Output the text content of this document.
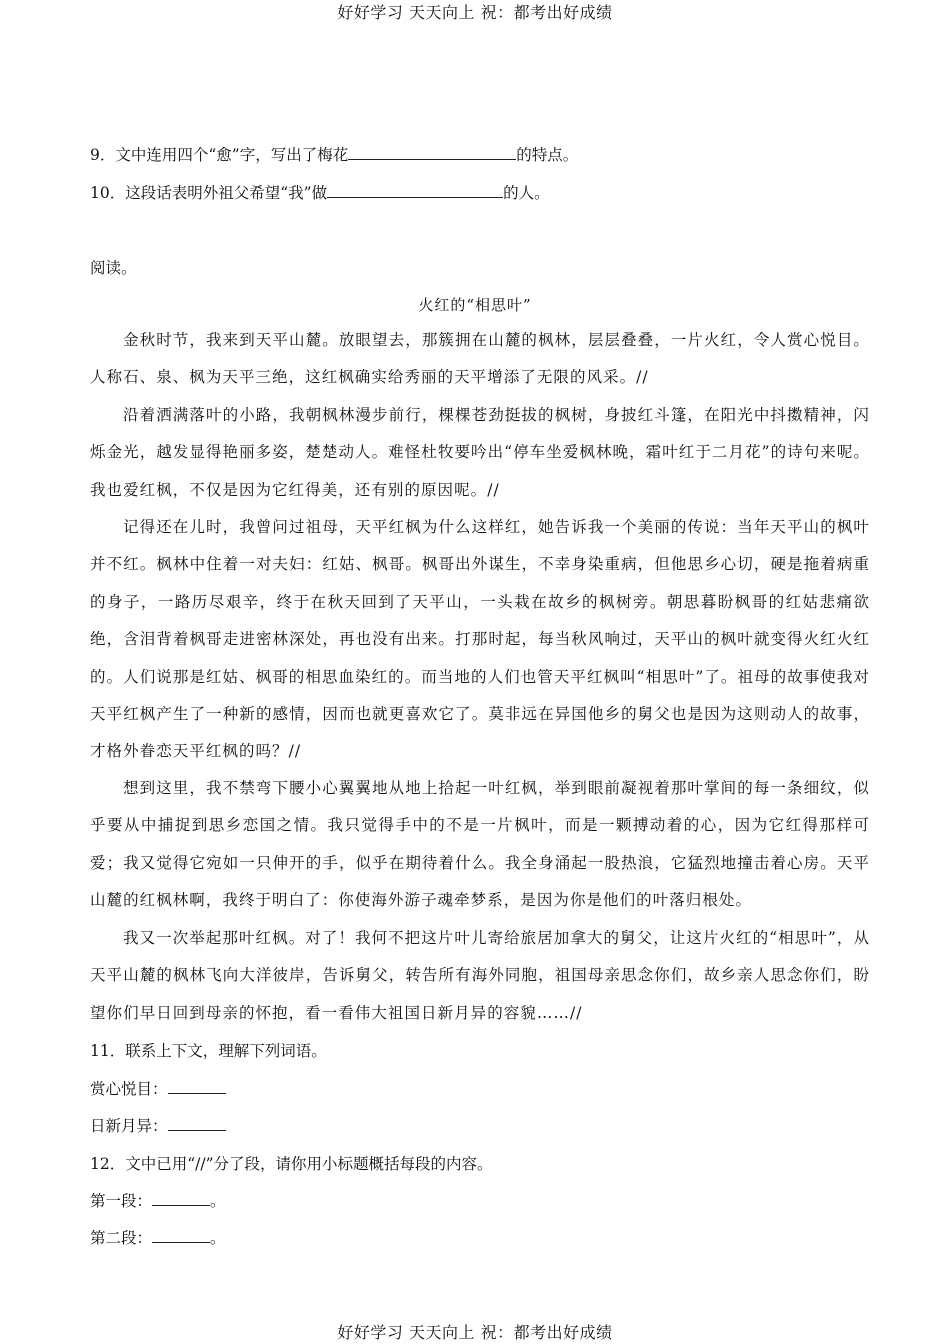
好好学习 天天向上 祝：都考出好成绩
9．文中连用四个“愈”字，写出了梅花	的特点。
10．这段话表明外祖父希望“我”做	的人。
阅读。
火红的“相思叶”
金秋时节，我来到天平山麓。放眼望去，那簇拥在山麓的枫林，层层叠叠，一片火红，令人赏心悦目。人称石、泉、枫为天平三绝，这红枫确实给秀丽的天平增添了无限的风采。//
沿着洒满落叶的小路，我朝枫林漫步前行，棵棵苍劲挺拔的枫树，身披红斗篷，在阳光中抖擞精神，闪烁金光，越发显得艳丽多姿，楚楚动人。难怪杜牧要吟出“停车坐爱枫林晚，霜叶红于二月花”的诗句来呢。我也爱红枫，不仅是因为它红得美，还有别的原因呢。//
记得还在儿时，我曾问过祖母，天平红枫为什么这样红，她告诉我一个美丽的传说：当年天平山的枫叶并不红。枫林中住着一对夫妇：红姑、枫哥。枫哥出外谋生，不幸身染重病，但他思乡心切，硬是拖着病重的身子，一路历尽艰辛，终于在秋天回到了天平山，一头栽在故乡的枫树旁。朝思暮盼枫哥的红姑悲痛欲绝，含泪背着枫哥走进密林深处，再也没有出来。打那时起，每当秋风响过，天平山的枫叶就变得火红火红的。人们说那是红姑、枫哥的相思血染红的。而当地的人们也管天平红枫叫“相思叶”了。祖母的故事使我对天平红枫产生了一种新的感情，因而也就更喜欢它了。莫非远在异国他乡的舅父也是因为这则动人的故事，才格外眷恋天平红枫的吗？//
想到这里，我不禁弯下腰小心翼翼地从地上拾起一叶红枫，举到眼前凝视着那叶掌间的每一条细纹，似乎要从中捕捉到思乡恋国之情。我只觉得手中的不是一片枫叶，而是一颗搏动着的心，因为它红得那样可爱；我又觉得它宛如一只伸开的手，似乎在期待着什么。我全身涌起一股热浪，它猛烈地撞击着心房。天平山麓的红枫林啊，我终于明白了：你使海外游子魂牵梦系，是因为你是他们的叶落归根处。
我又一次举起那叶红枫。对了！我何不把这片叶儿寄给旅居加拿大的舅父，让这片火红的“相思叶”，从天平山麓的枫林飞向大洋彼岸，告诉舅父，转告所有海外同胞，祖国母亲思念你们，故乡亲人思念你们，盼望你们早日回到母亲的怀抱，看一看伟大祖国日新月异的容貌……//
11．联系上下文，理解下列词语。
赏心悦目：
日新月异：
12．文中已用“//”分了段，请你用小标题概括每段的内容。
第一段：	。
第二段：	。
好好学习 天天向上 祝：都考出好成绩
